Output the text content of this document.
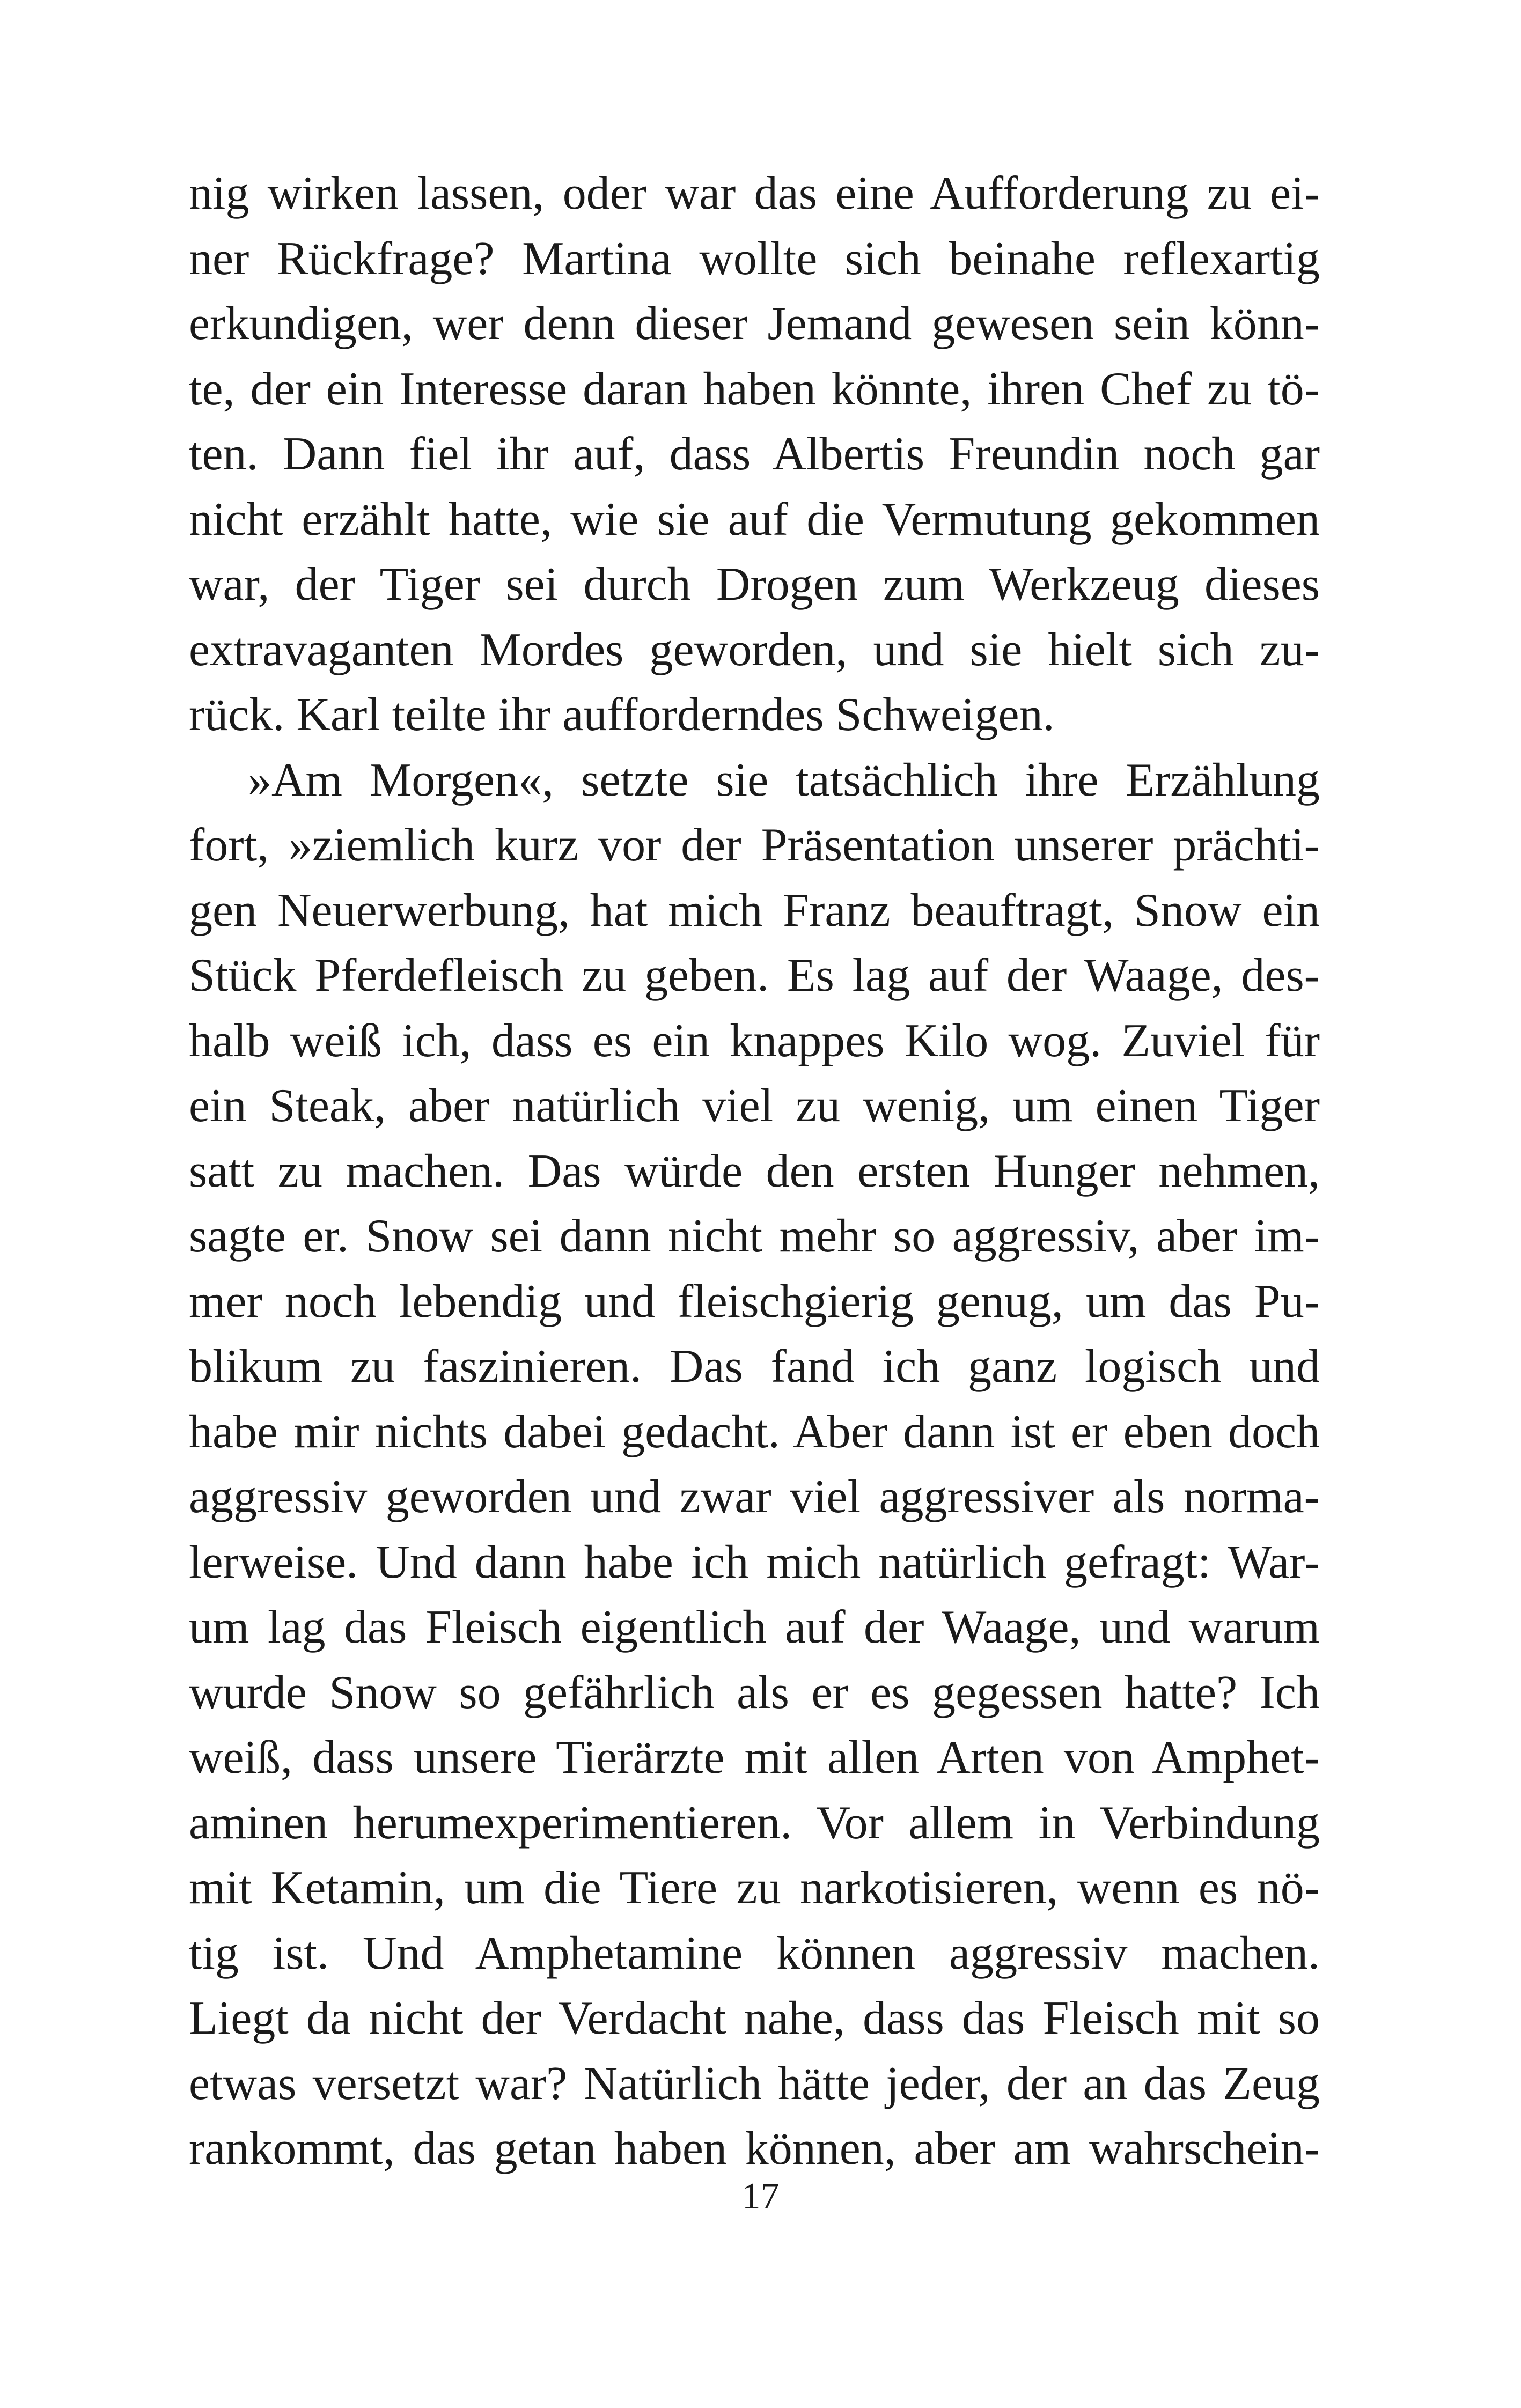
nig wirken lassen, oder war das eine Aufforderung zu ei-
ner Rückfrage? Martina wollte sich beinahe reflexartig
erkundigen, wer denn dieser Jemand gewesen sein könn-
te, der ein Interesse daran haben könnte, ihren Chef zu tö-
ten. Dann fiel ihr auf, dass Albertis Freundin noch gar
nicht erzählt hatte, wie sie auf die Vermutung gekommen
war, der Tiger sei durch Drogen zum Werkzeug dieses
extravaganten Mordes geworden, und sie hielt sich zu-
rück. Karl teilte ihr aufforderndes Schweigen.
»Am Morgen«, setzte sie tatsächlich ihre Erzählung
fort, »ziemlich kurz vor der Präsentation unserer prächti-
gen Neuerwerbung, hat mich Franz beauftragt, Snow ein
Stück Pferdefleisch zu geben. Es lag auf der Waage, des-
halb weiß ich, dass es ein knappes Kilo wog. Zuviel für
ein Steak, aber natürlich viel zu wenig, um einen Tiger
satt zu machen. Das würde den ersten Hunger nehmen,
sagte er. Snow sei dann nicht mehr so aggressiv, aber im-
mer noch lebendig und fleischgierig genug, um das Pu-
blikum zu faszinieren. Das fand ich ganz logisch und
habe mir nichts dabei gedacht. Aber dann ist er eben doch
aggressiv geworden und zwar viel aggressiver als norma-
lerweise. Und dann habe ich mich natürlich gefragt: War-
um lag das Fleisch eigentlich auf der Waage, und warum
wurde Snow so gefährlich als er es gegessen hatte? Ich
weiß, dass unsere Tierärzte mit allen Arten von Amphet-
aminen herumexperimentieren. Vor allem in Verbindung
mit Ketamin, um die Tiere zu narkotisieren, wenn es nö-
tig ist. Und Amphetamine können aggressiv machen.
Liegt da nicht der Verdacht nahe, dass das Fleisch mit so
etwas versetzt war? Natürlich hätte jeder, der an das Zeug
rankommt, das getan haben können, aber am wahrschein-
17
